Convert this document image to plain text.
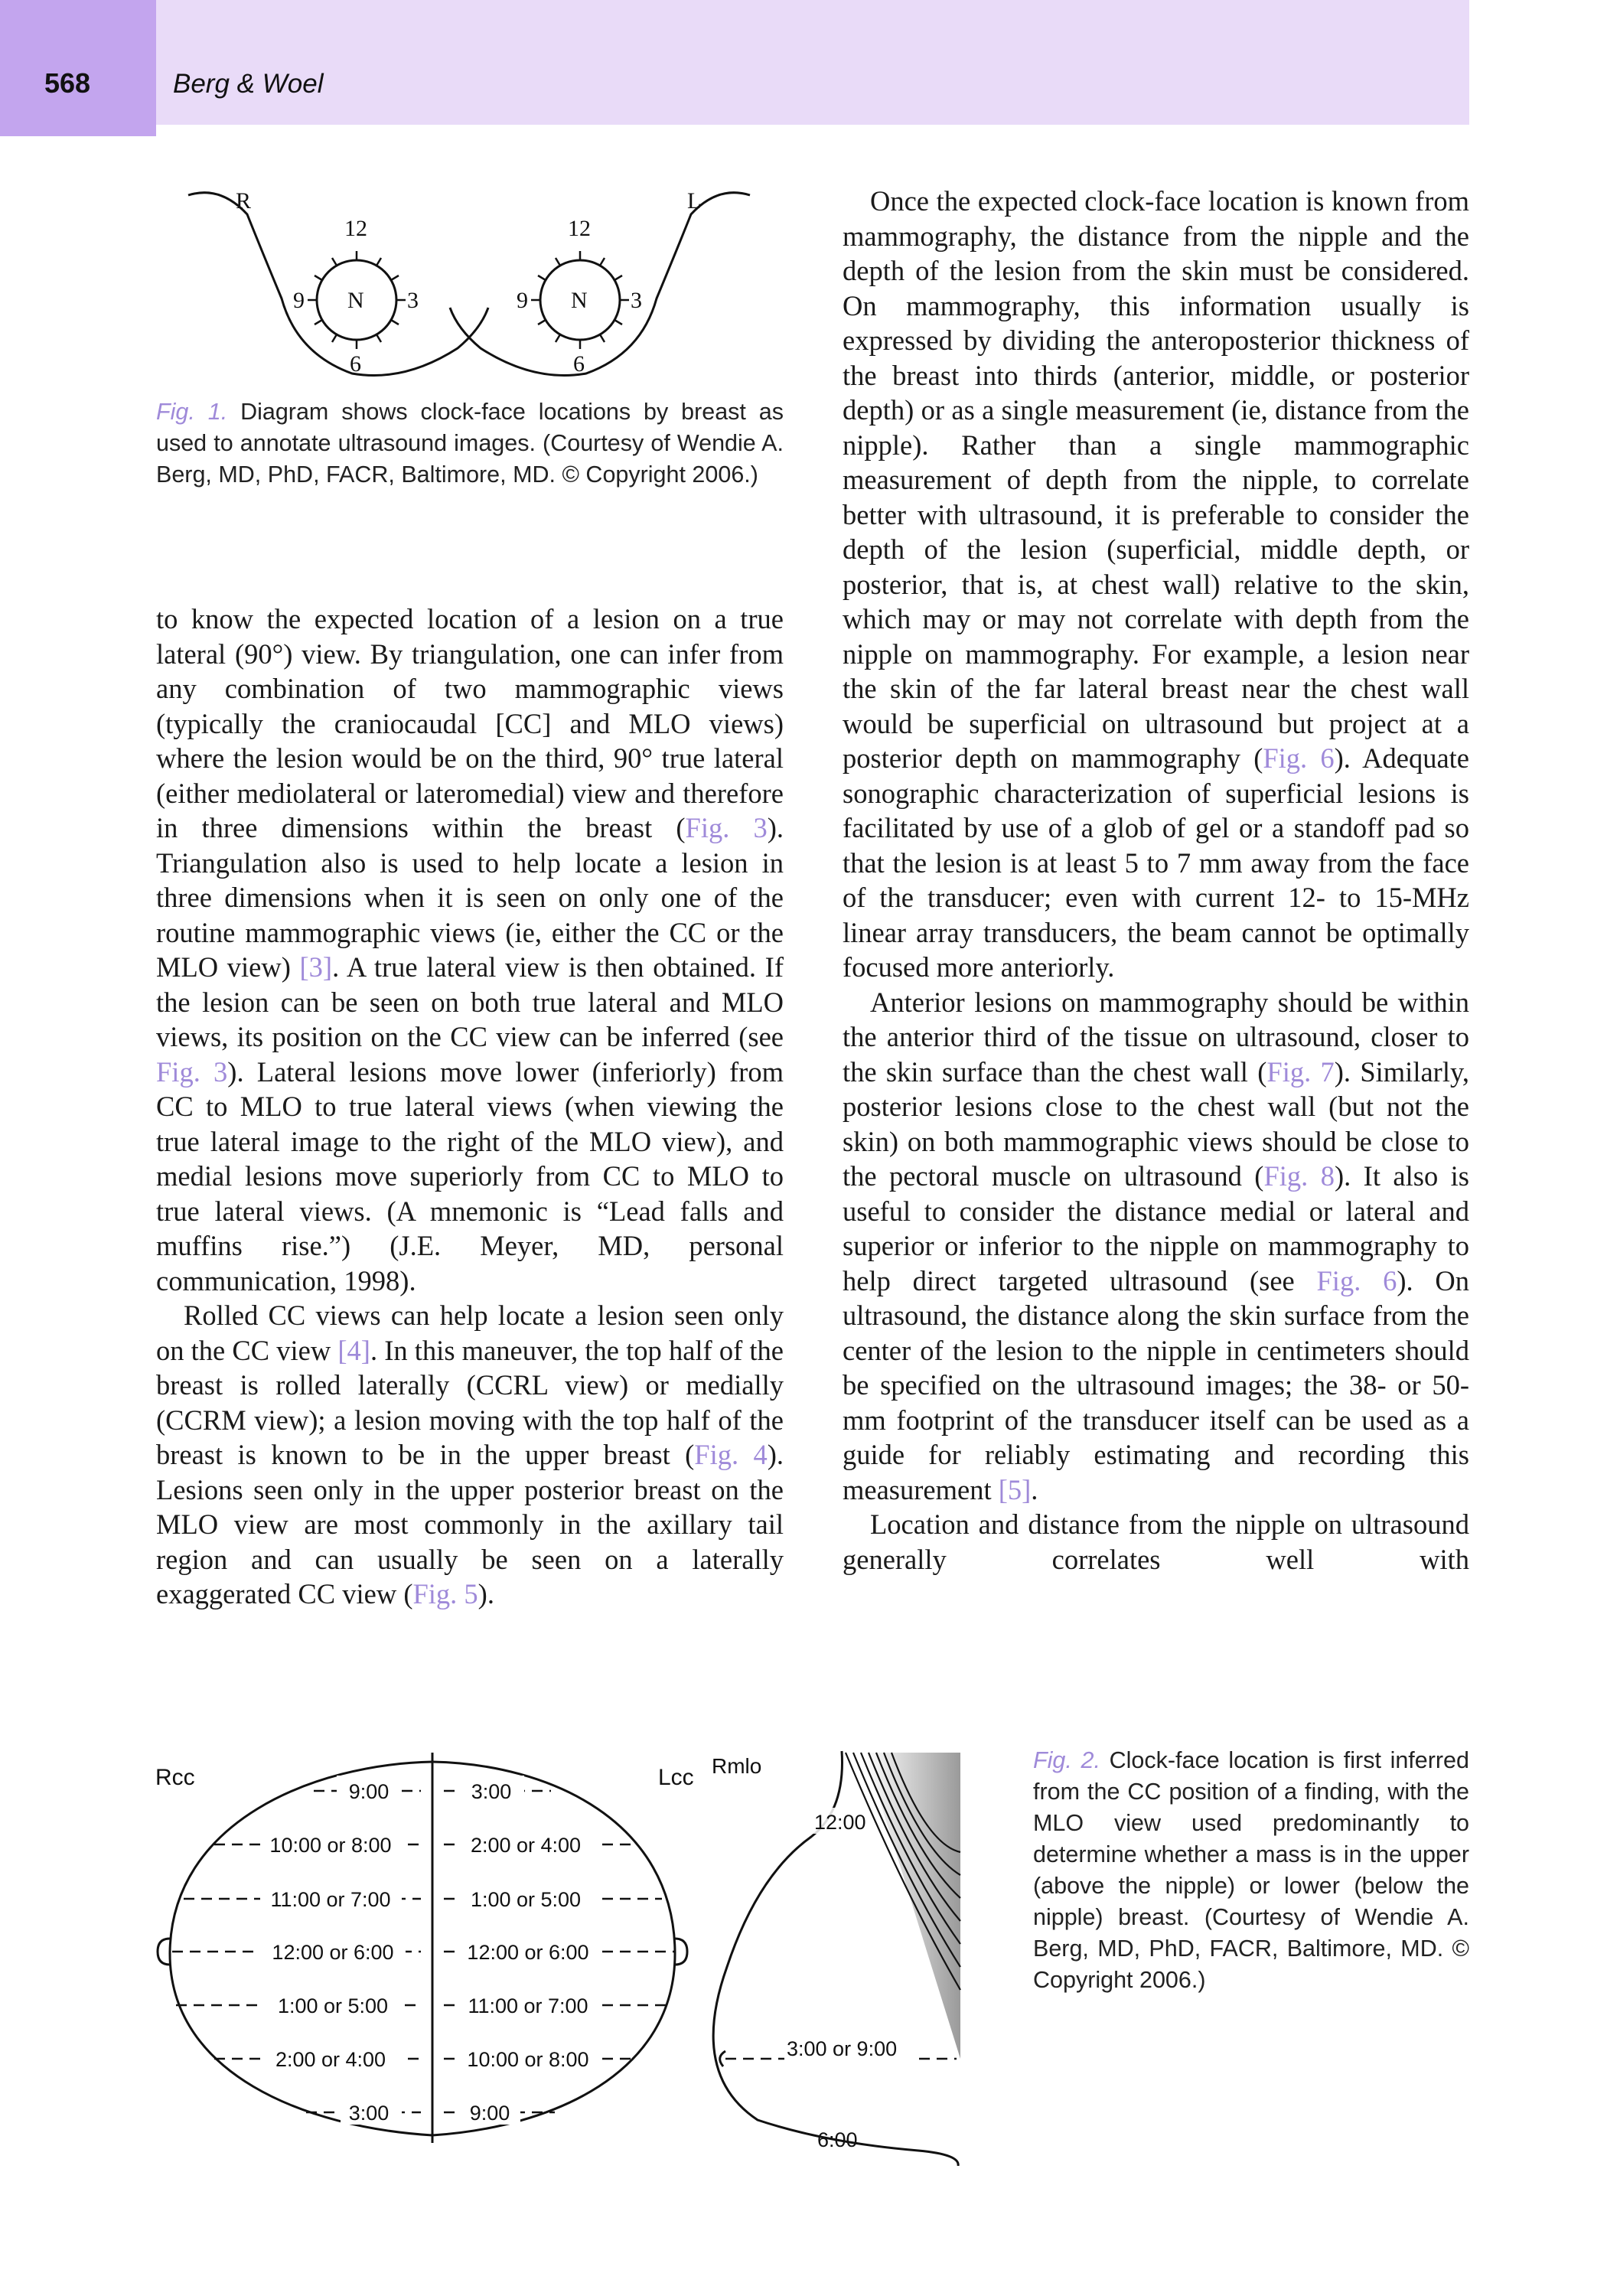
568	Berg & Woel
R	L
12
3
6
9 N
12
3
6
9 N
Fig. 1. Diagram shows clock-face locations by breast as used to annotate ultrasound images. (Courtesy of Wendie A. Berg, MD, PhD, FACR, Baltimore, MD. © Copyright 2006.)

to know the expected location of a lesion on a true lateral (90°) view. By triangulation, one can infer from any combination of two mammographic views (typically the craniocaudal [CC] and MLO views) where the lesion would be on the third, 90° true lateral (either mediolateral or lateromedial) view and therefore in three dimensions within the breast (Fig. 3). Triangulation also is used to help locate a lesion in three dimensions when it is seen on only one of the routine mammographic views (ie, either the CC or the MLO view) [3]. A true lateral view is then obtained. If the lesion can be seen on both true lateral and MLO views, its position on the CC view can be inferred (see Fig. 3). Lateral lesions move lower (inferiorly) from CC to MLO to true lateral views (when viewing the true lateral image to the right of the MLO view), and medial lesions move superiorly from CC to MLO to true lateral views. (A mnemonic is “Lead falls and muffins rise.”) (J.E. Meyer, MD, personal communication, 1998).

Rolled CC views can help locate a lesion seen only on the CC view [4]. In this maneuver, the top half of the breast is rolled laterally (CCRL view) or medially (CCRM view); a lesion moving with the top half of the breast is known to be in the upper breast (Fig. 4). Lesions seen only in the upper posterior breast on the MLO view are most commonly in the axillary tail region and can usually be seen on a laterally exaggerated CC view (Fig. 5).

Once the expected clock-face location is known from mammography, the distance from the nipple and the depth of the lesion from the skin must be considered. On mammography, this information usually is expressed by dividing the anteroposterior thickness of the breast into thirds (anterior, middle, or posterior depth) or as a single measurement (ie, distance from the nipple). Rather than a single mammographic measurement of depth from the nipple, to correlate better with ultrasound, it is preferable to consider the depth of the lesion (superficial, middle depth, or posterior, that is, at chest wall) relative to the skin, which may or may not correlate with depth from the nipple on mammography. For example, a lesion near the skin of the far lateral breast near the chest wall would be superficial on ultrasound but project at a posterior depth on mammography (Fig. 6). Adequate sonographic characterization of superficial lesions is facilitated by use of a glob of gel or a standoff pad so that the lesion is at least 5 to 7 mm away from the face of the transducer; even with current 12- to 15-MHz linear array transducers, the beam cannot be optimally focused more anteriorly.

Anterior lesions on mammography should be within the anterior third of the tissue on ultrasound, closer to the skin surface than the chest wall (Fig. 7). Similarly, posterior lesions close to the chest wall (but not the skin) on both mammographic views should be close to the pectoral muscle on ultrasound (Fig. 8). It also is useful to consider the distance medial or lateral and superior or inferior to the nipple on mammography to help direct targeted ultrasound (see Fig. 6). On ultrasound, the distance along the skin surface from the center of the lesion to the nipple in centimeters should be specified on the ultrasound images; the 38- or 50-mm footprint of the transducer itself can be used as a guide for reliably estimating and recording this measurement [5].

Location and distance from the nipple on ultrasound generally correlates well with

Rcc	Lcc Rmlo
9:00
10:00 or 8:00
11:00 or 7:00
12:00 or 6:00
1:00 or 5:00
2:00 or 4:00
3:00
3:00
2:00 or 4:00
1:00 or 5:00
12:00 or 6:00
11:00 or 7:00
10:00 or 8:00
9:00
12:00
3:00 or 9:00
6:00
Fig. 2. Clock-face location is first inferred from the CC position of a finding, with the MLO view used predominantly to determine whether a mass is in the upper (above the nipple) or lower (below the nipple) breast. (Courtesy of Wendie A. Berg, MD, PhD, FACR, Baltimore, MD. © Copyright 2006.)
